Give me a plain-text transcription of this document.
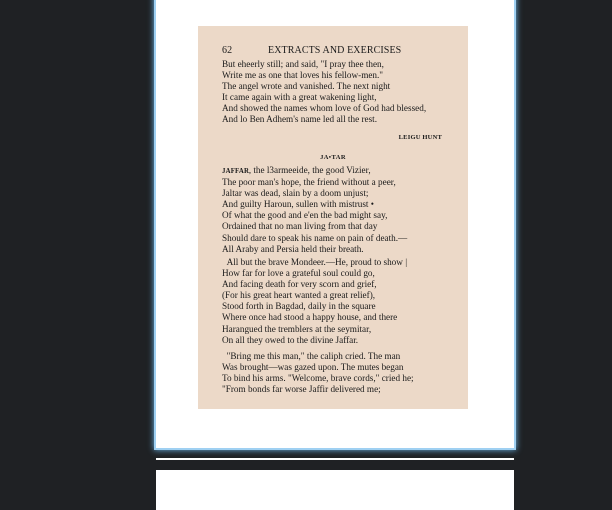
62	EXTRACTS AND EXERCISES
But eheerly still; and said, "I pray thee then,
Write me as one that loves his fellow-men."
The angel wrote and vanished. The next night
It came again with a great wakening light,
And showed the names whom love of God had blessed,
And lo Ben Adhem's name led all the rest.
LEIGU HUNT
JA•TAR
JAFFAR, the l3armeeide, the good Vizier,
The poor man's hope, the friend without a peer,
Jaltar was dead, slain by a doom unjust;
And guilty Haroun, sullen with mistrust •
Of what the good and e'en the bad might say,
Ordained that no man living from that day
Should dare to speak his name on pain of death.—
All Araby and Persia held their breath.
All but the brave Mondeer.—He, proud to show |
How far for love a grateful soul could go,
And facing death for very scorn and grief,
(For his great heart wanted a great relief),
Stood forth in Bagdad, daily in the square
Where once had stood a happy house, and there
Harangued the tremblers at the seymitar,
On all they owed to the divine Jaffar.
"Bring me this man," the caliph cried. The man
Was brought—was gazed upon. The mutes began
To bind his arms. "Welcome, brave cords," cried he;
"From bonds far worse Jaffir delivered me;
